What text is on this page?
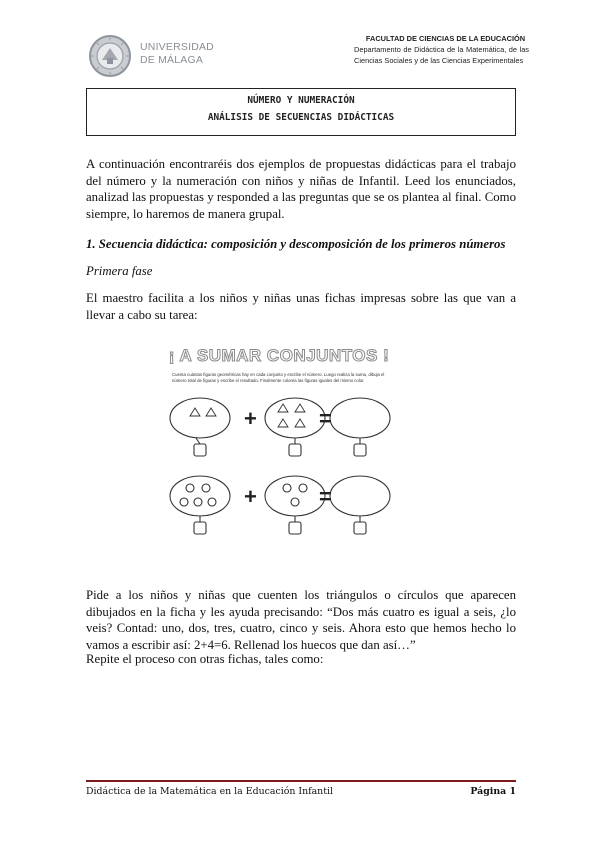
UNIVERSIDAD
DE MÁLAGA
FACULTAD DE CIENCIAS DE LA EDUCACIÓN
Departamento de Didáctica de la Matemática, de las Ciencias Sociales y de las Ciencias Experimentales
NÚMERO Y NUMERACIÓN
ANÁLISIS DE SECUENCIAS DIDÁCTICAS
A continuación encontraréis dos ejemplos de propuestas didácticas para el trabajo del número y la numeración con niños y niñas de Infantil. Leed los enunciados, analizad las propuestas y responded a las preguntas que se os plantea al final. Como siempre, lo haremos de manera grupal.
1. Secuencia didáctica: composición y descomposición de los primeros números
Primera fase
El maestro facilita a los niños y niñas unas fichas impresas sobre las que van a llevar a cabo su tarea:
¡ A SUMAR CONJUNTOS !
Cuenta cuántas figuras geométricas hay en cada conjunto y escribe el número. Luego realiza la suma, dibuja el número total de figuras y escribe el resultado. Finalmente colorea las figuras iguales del mismo color.
+	=
+	=
Pide a los niños y niñas que cuenten los triángulos o círculos que aparecen dibujados en la ficha y les ayuda precisando: “Dos más cuatro es igual a seis, ¿lo veis? Contad: uno, dos, tres, cuatro, cinco y seis. Ahora esto que hemos hecho lo vamos a escribir así: 2+4=6. Rellenad los huecos que dan así…”
Repite el proceso con otras fichas, tales como:
Didáctica de la Matemática en la Educación Infantil	Página 1
